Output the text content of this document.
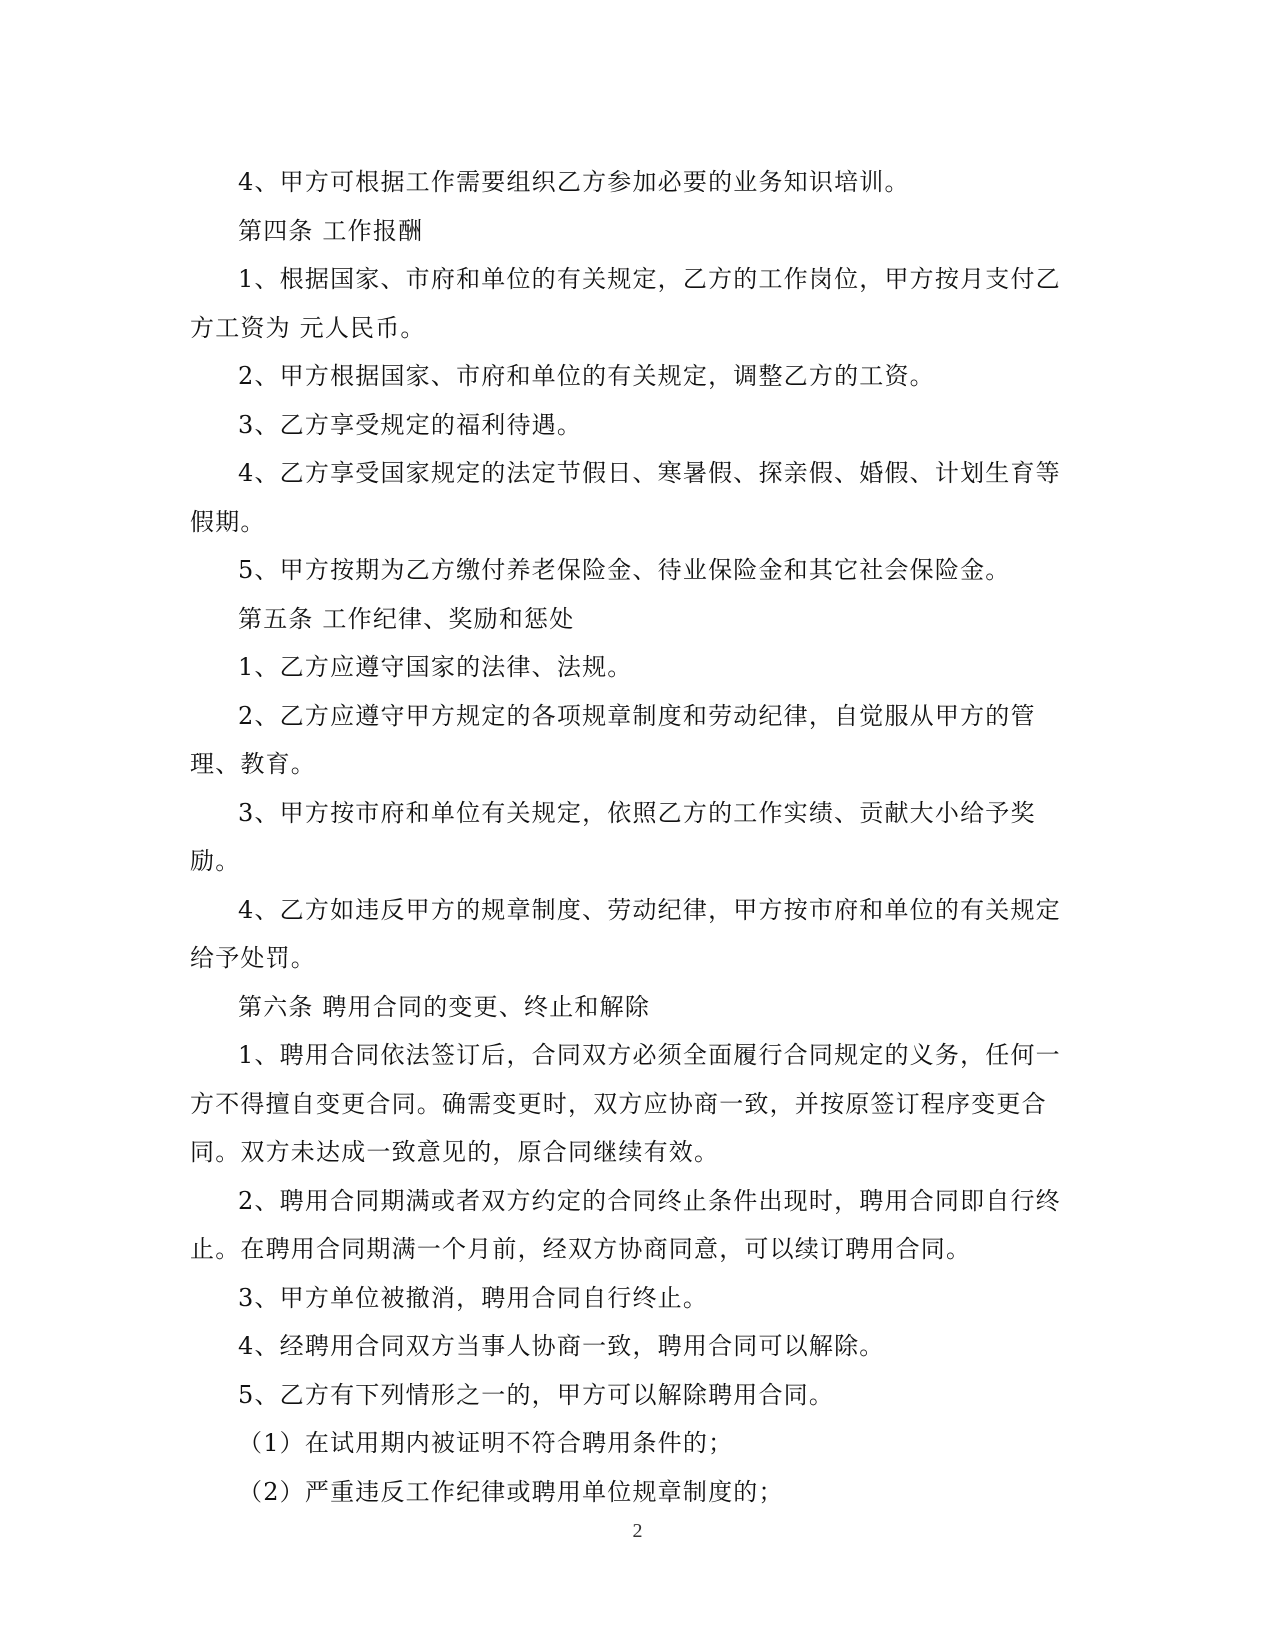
4、甲方可根据工作需要组织乙方参加必要的业务知识培训。

第四条 工作报酬

1、根据国家、市府和单位的有关规定，乙方的工作岗位，甲方按月支付乙方工资为 元人民币。

2、甲方根据国家、市府和单位的有关规定，调整乙方的工资。

3、乙方享受规定的福利待遇。

4、乙方享受国家规定的法定节假日、寒暑假、探亲假、婚假、计划生育等假期。

5、甲方按期为乙方缴付养老保险金、待业保险金和其它社会保险金。

第五条 工作纪律、奖励和惩处

1、乙方应遵守国家的法律、法规。

2、乙方应遵守甲方规定的各项规章制度和劳动纪律，自觉服从甲方的管理、教育。

3、甲方按市府和单位有关规定，依照乙方的工作实绩、贡献大小给予奖励。

4、乙方如违反甲方的规章制度、劳动纪律，甲方按市府和单位的有关规定给予处罚。

第六条 聘用合同的变更、终止和解除

1、聘用合同依法签订后，合同双方必须全面履行合同规定的义务，任何一方不得擅自变更合同。确需变更时，双方应协商一致，并按原签订程序变更合同。双方未达成一致意见的，原合同继续有效。

2、聘用合同期满或者双方约定的合同终止条件出现时，聘用合同即自行终止。在聘用合同期满一个月前，经双方协商同意，可以续订聘用合同。

3、甲方单位被撤消，聘用合同自行终止。

4、经聘用合同双方当事人协商一致，聘用合同可以解除。

5、乙方有下列情形之一的，甲方可以解除聘用合同。

（1）在试用期内被证明不符合聘用条件的；

（2）严重违反工作纪律或聘用单位规章制度的；

2
